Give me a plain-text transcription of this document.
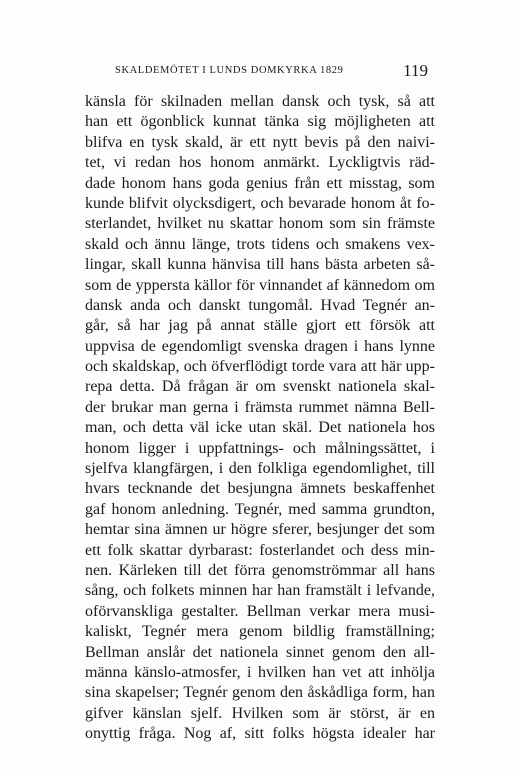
SKALDEMÖTET I LUNDS DOMKYRKA 1829	119
känsla för skilnaden mellan dansk och tysk, så att
han ett ögonblick kunnat tänka sig möjligheten att
blifva en tysk skald, är ett nytt bevis på den naivi-
tet, vi redan hos honom anmärkt. Lyckligtvis räd-
dade honom hans goda genius från ett misstag, som
kunde blifvit olycksdigert, och bevarade honom åt fo-
sterlandet, hvilket nu skattar honom som sin främste
skald och ännu länge, trots tidens och smakens vex-
lingar, skall kunna hänvisa till hans bästa arbeten så-
som de yppersta källor för vinnandet af kännedom om
dansk anda och danskt tungomål. Hvad Tegnér an-
går, så har jag på annat ställe gjort ett försök att
uppvisa de egendomligt svenska dragen i hans lynne
och skaldskap, och öfverflödigt torde vara att här upp-
repa detta. Då frågan är om svenskt nationela skal-
der brukar man gerna i främsta rummet nämna Bell-
man, och detta väl icke utan skäl. Det nationela hos
honom ligger i uppfattnings- och målningssättet, i
sjelfva klangfärgen, i den folkliga egendomlighet, till
hvars tecknande det besjungna ämnets beskaffenhet
gaf honom anledning. Tegnér, med samma grundton,
hemtar sina ämnen ur högre sferer, besjunger det som
ett folk skattar dyrbarast: fosterlandet och dess min-
nen. Kärleken till det förra genomströmmar all hans
sång, och folkets minnen har han framstält i lefvande,
oförvanskliga gestalter. Bellman verkar mera musi-
kaliskt, Tegnér mera genom bildlig framställning;
Bellman anslår det nationela sinnet genom den all-
männa känslo-atmosfer, i hvilken han vet att inhölja
sina skapelser; Tegnér genom den åskådliga form, han
gifver känslan sjelf. Hvilken som är störst, är en
onyttig fråga. Nog af, sitt folks högsta idealer har
